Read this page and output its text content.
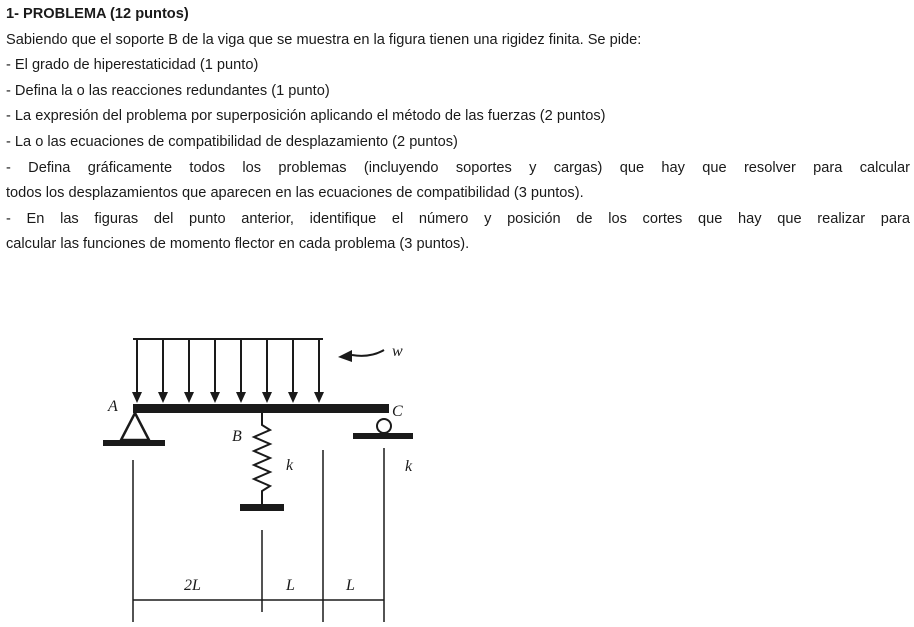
1- PROBLEMA (12 puntos)
Sabiendo que el soporte B de la viga que se muestra en la figura tienen una rigidez finita. Se pide:
- El grado de hiperestaticidad (1 punto)
- Defina la o las reacciones redundantes (1 punto)
- La expresión del problema por superposición aplicando el método de las fuerzas (2 puntos)
- La o las ecuaciones de compatibilidad de desplazamiento (2 puntos)
- Defina gráficamente todos los problemas (incluyendo soportes y cargas) que hay que resolver para calcular
todos los desplazamientos que aparecen en las ecuaciones de compatibilidad (3 puntos).
- En las figuras del punto anterior, identifique el número y posición de los cortes que hay que realizar para
calcular las funciones de momento flector en cada problema (3 puntos).
w
A
B
C
k	k
2L	L	L
